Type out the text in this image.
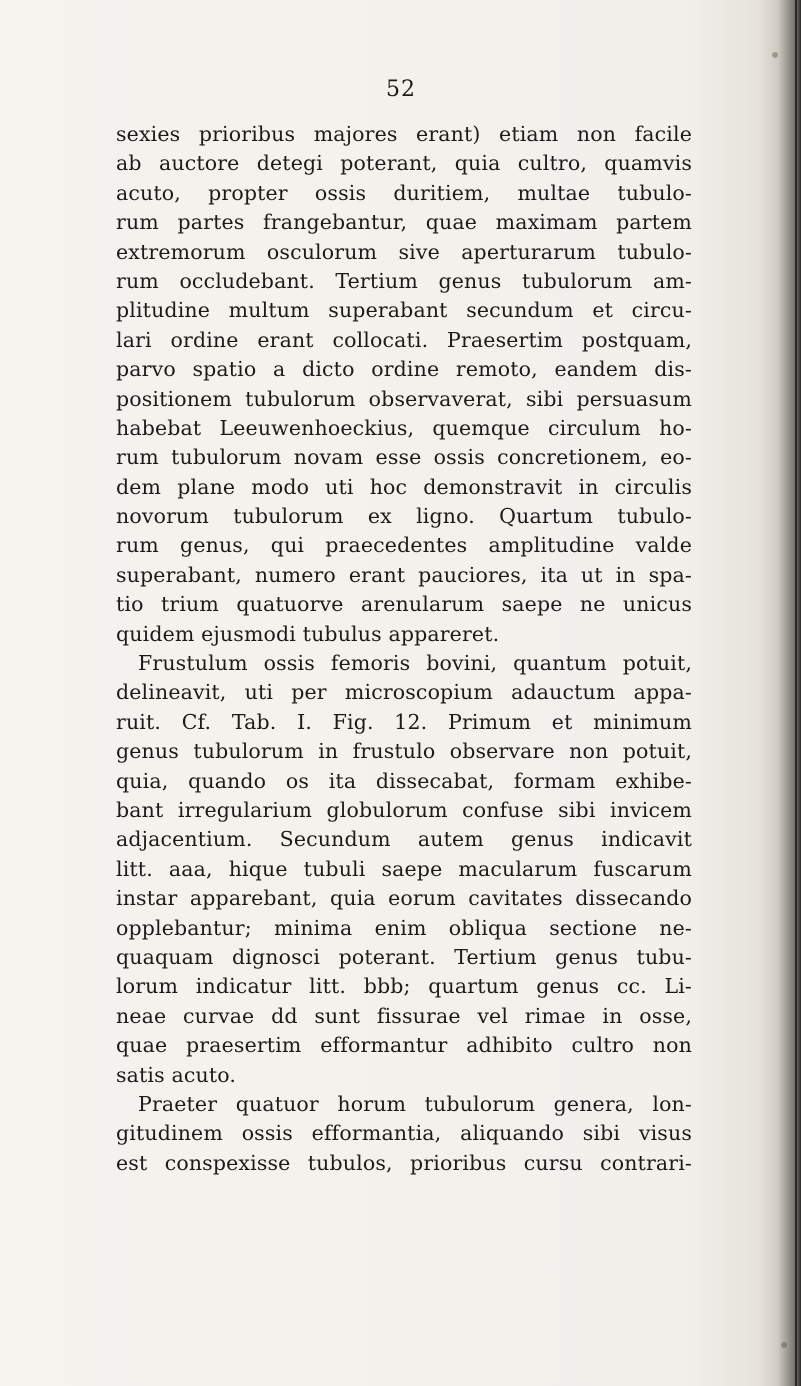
52
sexies prioribus majores erant) etiam non facile
ab auctore detegi poterant, quia cultro, quamvis
acuto, propter ossis duritiem, multae tubulo-
rum partes frangebantur, quae maximam partem
extremorum osculorum sive aperturarum tubulo-
rum occludebant. Tertium genus tubulorum am-
plitudine multum superabant secundum et circu-
lari ordine erant collocati. Praesertim postquam,
parvo spatio a dicto ordine remoto, eandem dis-
positionem tubulorum observaverat, sibi persuasum
habebat Leeuwenhoeckius, quemque circulum ho-
rum tubulorum novam esse ossis concretionem, eo-
dem plane modo uti hoc demonstravit in circulis
novorum tubulorum ex ligno. Quartum tubulo-
rum genus, qui praecedentes amplitudine valde
superabant, numero erant pauciores, ita ut in spa-
tio trium quatuorve arenularum saepe ne unicus
quidem ejusmodi tubulus appareret.
Frustulum ossis femoris bovini, quantum potuit,
delineavit, uti per microscopium adauctum appa-
ruit. Cf. Tab. I. Fig. 12. Primum et minimum
genus tubulorum in frustulo observare non potuit,
quia, quando os ita dissecabat, formam exhibe-
bant irregularium globulorum confuse sibi invicem
adjacentium. Secundum autem genus indicavit
litt. aaa, hique tubuli saepe macularum fuscarum
instar apparebant, quia eorum cavitates dissecando
opplebantur; minima enim obliqua sectione ne-
quaquam dignosci poterant. Tertium genus tubu-
lorum indicatur litt. bbb; quartum genus cc. Li-
neae curvae dd sunt fissurae vel rimae in osse,
quae praesertim efformantur adhibito cultro non
satis acuto.
Praeter quatuor horum tubulorum genera, lon-
gitudinem ossis efformantia, aliquando sibi visus
est conspexisse tubulos, prioribus cursu contrari-
